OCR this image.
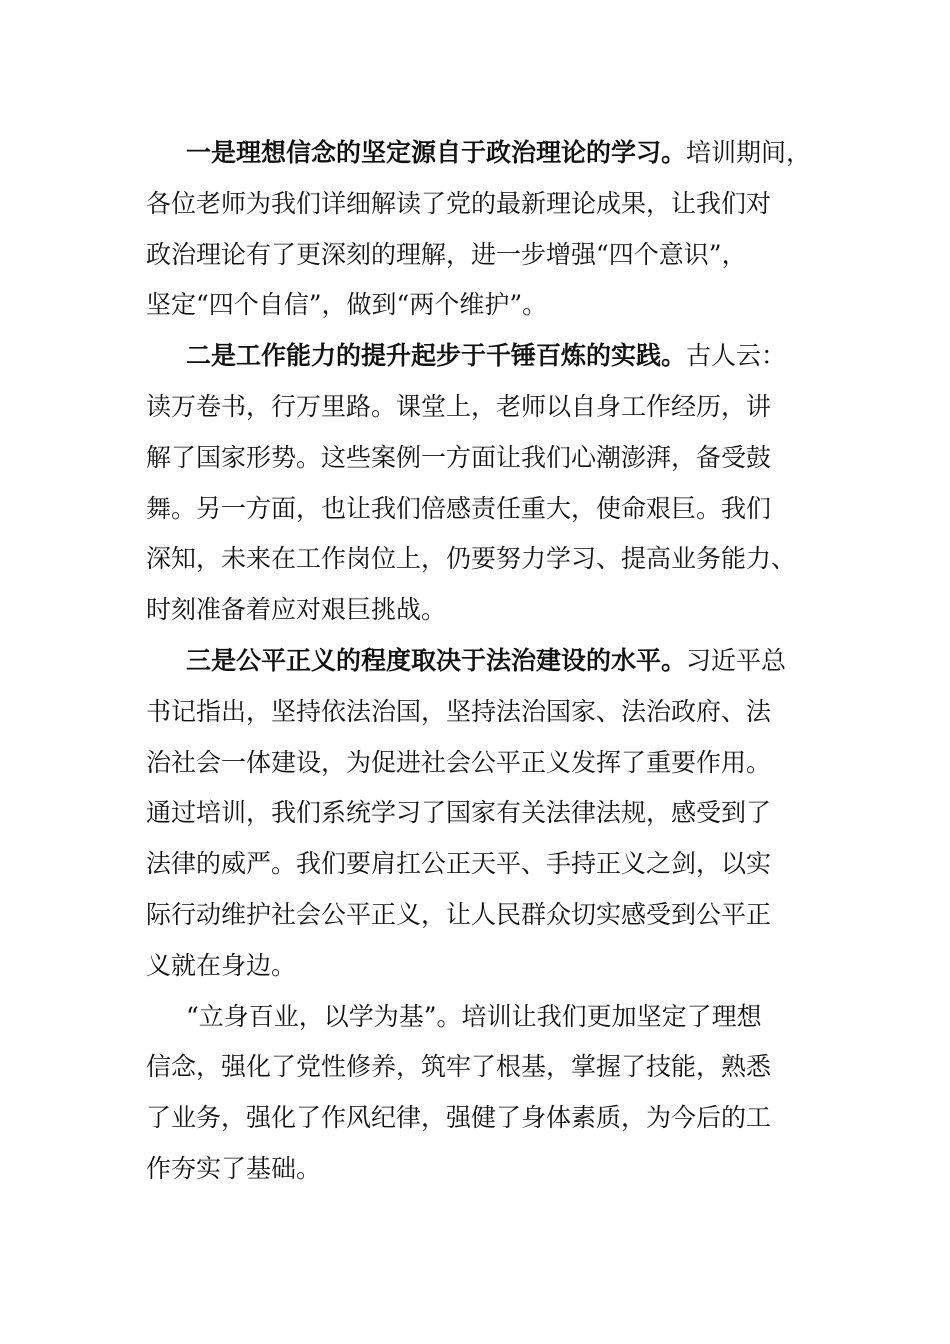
一是理想信念的坚定源自于政治理论的学习。培训期间，
各位老师为我们详细解读了党的最新理论成果，让我们对
政治理论有了更深刻的理解，进一步增强“四个意识”，
坚定“四个自信”，做到“两个维护”。
二是工作能力的提升起步于千锤百炼的实践。古人云：
读万卷书，行万里路。课堂上，老师以自身工作经历，讲
解了国家形势。这些案例一方面让我们心潮澎湃，备受鼓
舞。另一方面，也让我们倍感责任重大，使命艰巨。我们
深知，未来在工作岗位上，仍要努力学习、提高业务能力、
时刻准备着应对艰巨挑战。
三是公平正义的程度取决于法治建设的水平。习近平总
书记指出，坚持依法治国，坚持法治国家、法治政府、法
治社会一体建设，为促进社会公平正义发挥了重要作用。
通过培训，我们系统学习了国家有关法律法规，感受到了
法律的威严。我们要肩扛公正天平、手持正义之剑，以实
际行动维护社会公平正义，让人民群众切实感受到公平正
义就在身边。
“立身百业，以学为基”。培训让我们更加坚定了理想
信念，强化了党性修养，筑牢了根基，掌握了技能，熟悉
了业务，强化了作风纪律，强健了身体素质，为今后的工
作夯实了基础。
